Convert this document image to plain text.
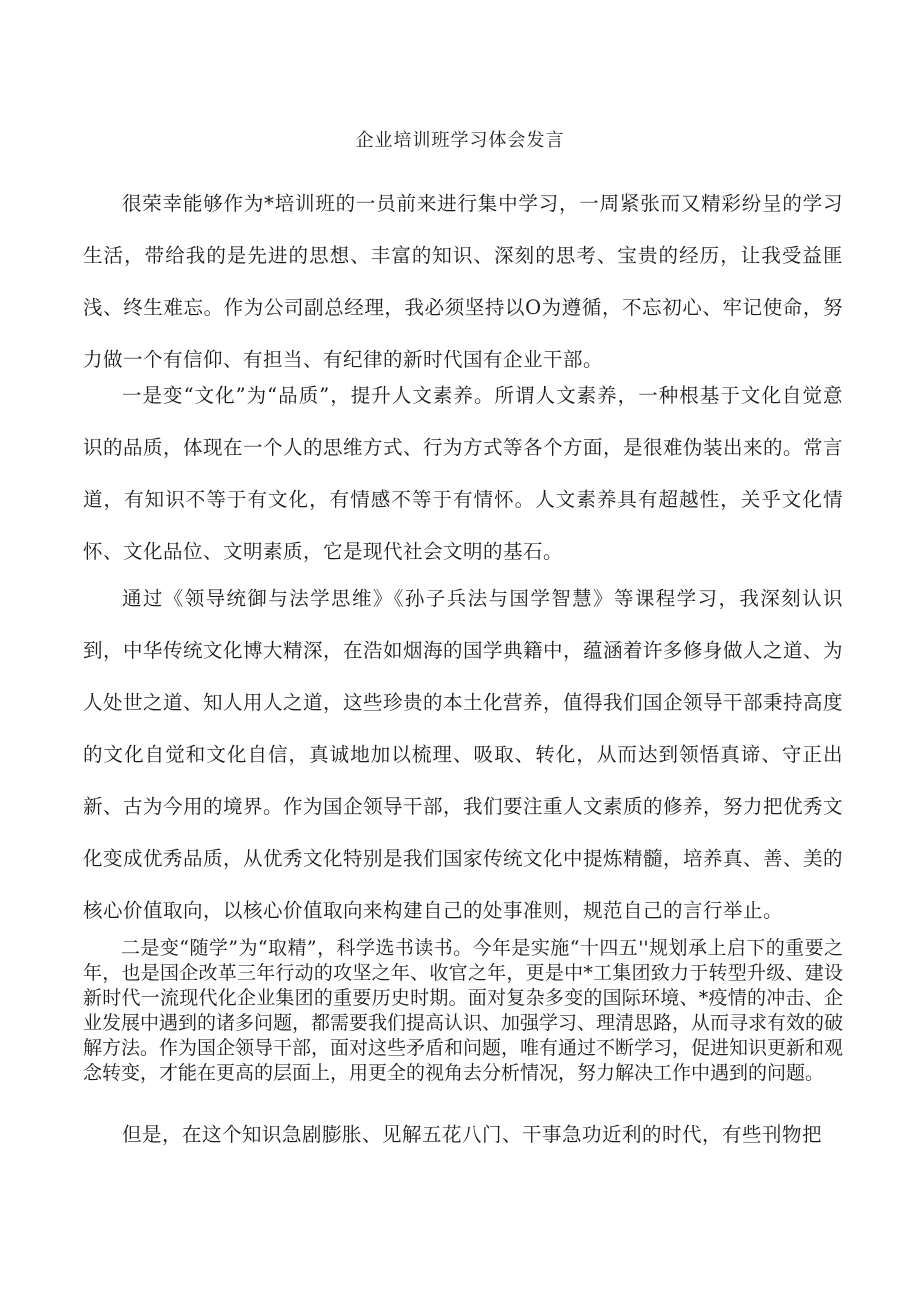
企业培训班学习体会发言

很荣幸能够作为*培训班的一员前来进行集中学习，一周紧张而又精彩纷呈的学习生活，带给我的是先进的思想、丰富的知识、深刻的思考、宝贵的经历，让我受益匪浅、终生难忘。作为公司副总经理，我必须坚持以O为遵循，不忘初心、牢记使命，努力做一个有信仰、有担当、有纪律的新时代国有企业干部。

一是变“文化”为“品质”，提升人文素养。所谓人文素养，一种根基于文化自觉意识的品质，体现在一个人的思维方式、行为方式等各个方面，是很难伪装出来的。常言道，有知识不等于有文化，有情感不等于有情怀。人文素养具有超越性，关乎文化情怀、文化品位、文明素质，它是现代社会文明的基石。

通过《领导统御与法学思维》《孙子兵法与国学智慧》等课程学习，我深刻认识到，中华传统文化博大精深，在浩如烟海的国学典籍中，蕴涵着许多修身做人之道、为人处世之道、知人用人之道，这些珍贵的本土化营养，值得我们国企领导干部秉持高度的文化自觉和文化自信，真诚地加以梳理、吸取、转化，从而达到领悟真谛、守正出新、古为今用的境界。作为国企领导干部，我们要注重人文素质的修养，努力把优秀文化变成优秀品质，从优秀文化特别是我们国家传统文化中提炼精髓，培养真、善、美的核心价值取向，以核心价值取向来构建自己的处事准则，规范自己的言行举止。

二是变“随学”为“取精”，科学选书读书。今年是实施“十四五''规划承上启下的重要之年，也是国企改革三年行动的攻坚之年、收官之年，更是中*工集团致力于转型升级、建设新时代一流现代化企业集团的重要历史时期。面对复杂多变的国际环境、*疫情的冲击、企业发展中遇到的诸多问题，都需要我们提高认识、加强学习、理清思路，从而寻求有效的破解方法。作为国企领导干部，面对这些矛盾和问题，唯有通过不断学习，促进知识更新和观念转变，才能在更高的层面上，用更全的视角去分析情况，努力解决工作中遇到的问题。

但是，在这个知识急剧膨胀、见解五花八门、干事急功近利的时代，有些刊物把
